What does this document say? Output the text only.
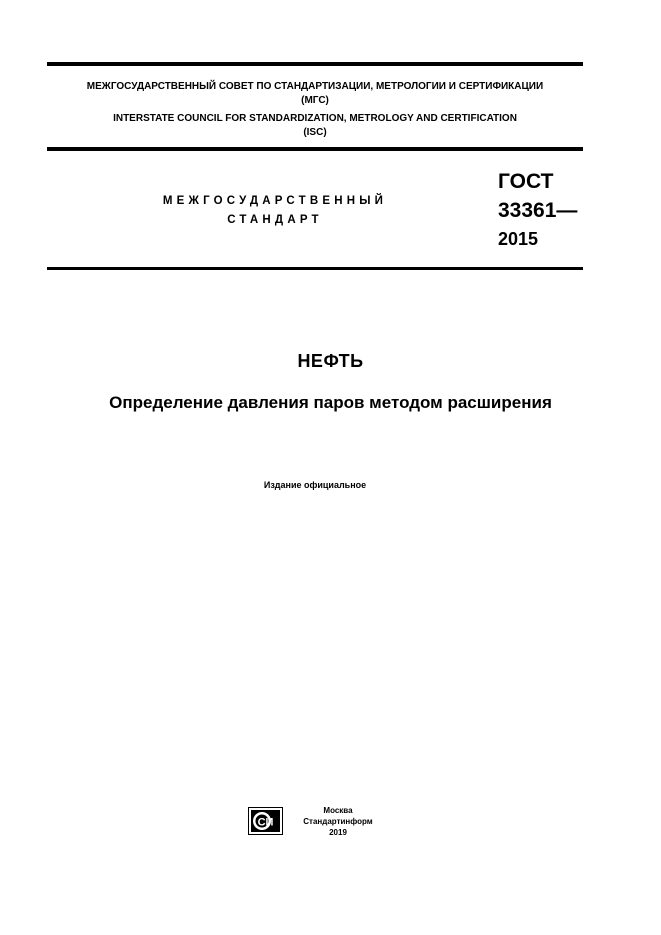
МЕЖГОСУДАРСТВЕННЫЙ СОВЕТ ПО СТАНДАРТИЗАЦИИ, МЕТРОЛОГИИ И СЕРТИФИКАЦИИ
(МГС)
INTERSTATE COUNCIL FOR STANDARDIZATION, METROLOGY AND CERTIFICATION
(ISC)
МЕЖГОСУДАРСТВЕННЫЙ
СТАНДАРТ
ГОСТ
33361—
2015
НЕФТЬ
Определение давления паров методом расширения
Издание официальное
СИ
Москва
Стандартинформ
2019
